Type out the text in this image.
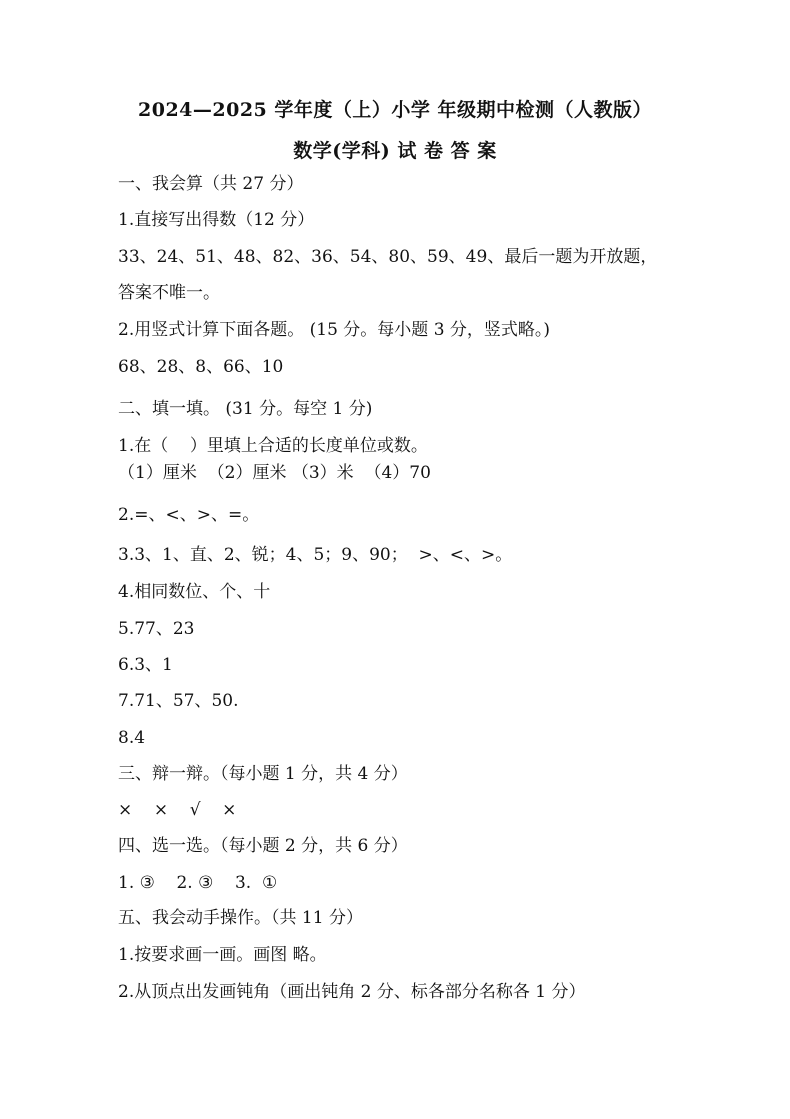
2024—2025 学年度（上）小学 年级期中检测（人教版）
数学(学科) 试 卷 答 案
一、我会算（共 27 分）
1.直接写出得数（12 分）
33、24、51、48、82、36、54、80、59、49、最后一题为开放题，
答案不唯一。
2.用竖式计算下面各题。 (15 分。每小题 3 分，竖式略。)
68、28、8、66、10
二、填一填。 (31 分。每空 1 分)
1.在（    ）里填上合适的长度单位或数。
（1）厘米  （2）厘米 （3）米  （4）70
2.=、<、>、=。
3.3、1、直、2、锐；4、5；9、90；  >、<、>。
4.相同数位、个、十
5.77、23
6.3、1
7.71、57、50.
8.4
三、辩一辩。（每小题 1 分，共 4 分）
×    ×    √    ×
四、选一选。（每小题 2 分，共 6 分）
1. ③    2. ③    3.  ①
五、我会动手操作。（共 11 分）
1.按要求画一画。画图 略。
2.从顶点出发画钝角（画出钝角 2 分、标各部分名称各 1 分）
